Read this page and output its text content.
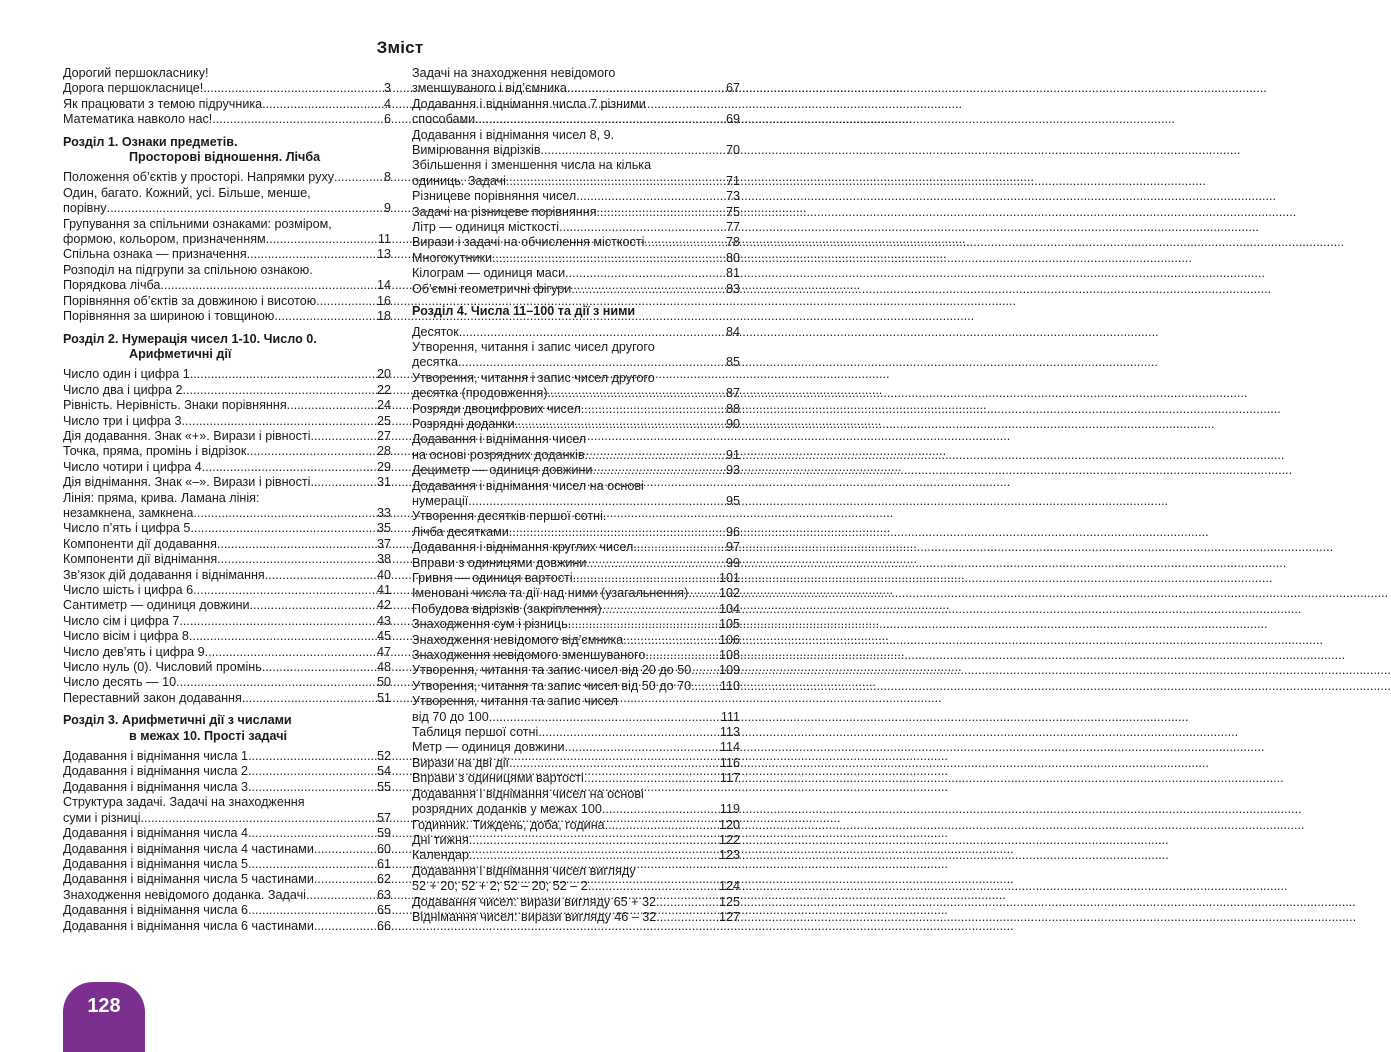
Зміст
Дорогий першокласнику!
Дорога першокласнице! .....	3
Як працювати з темою підручника .....	4
Математика навколо нас! .....	6
Розділ 1. Ознаки предметів.
Просторові відношення. Лічба
Положення об’єктів у просторі. Напрямки руху .....	8
Один, багато. Кожний, усі. Більше, менше,
порівну .....	9
Групування за спільними ознаками: розміром,
формою, кольором, призначенням .....	11
Спільна ознака — призначення .....	13
Розподіл на підгрупи за спільною ознакою.
Порядкова лічба .....	14
Порівняння об’єктів за довжиною і висотою .....	16
Порівняння за шириною і товщиною .....	18
Розділ 2. Нумерація чисел 1-10. Число 0.
Арифметичні дії
Число один і цифра 1 .....	20
Число два і цифра 2 .....	22
Рівність. Нерівність. Знаки порівняння .....	24
Число три і цифра 3 .....	25
Дія додавання. Знак «+». Вирази і рівності .....	27
Точка, пряма, промінь і відрізок .....	28
Число чотири і цифра 4 .....	29
Дія віднімання. Знак «–». Вирази і рівності .....	31
Лінія: пряма, крива. Ламана лінія:
незамкнена, замкнена .....	33
Число п’ять і цифра 5 .....	35
Компоненти дії додавання .....	37
Компоненти дії віднімання .....	38
Зв’язок дій додавання і віднімання .....	40
Число шість і цифра 6 .....	41
Сантиметр — одиниця довжини .....	42
Число сім і цифра 7 .....	43
Число вісім і цифра 8 .....	45
Число дев’ять і цифра 9 .....	47
Число нуль (0). Числовий промінь .....	48
Число десять — 10 .....	50
Переставний закон додавання .....	51
Розділ 3. Арифметичні дії з числами
в межах 10. Прості задачі
Додавання і віднімання числа 1 .....	52
Додавання і віднімання числа 2 .....	54
Додавання і віднімання числа 3 .....	55
Структура задачі. Задачі на знаходження
суми і різниці .....	57
Додавання і віднімання числа 4 .....	59
Додавання і віднімання числа 4 частинами .....	60
Додавання і віднімання числа 5 .....	61
Додавання і віднімання числа 5 частинами .....	62
Знаходження невідомого доданка. Задачі .....	63
Додавання і віднімання числа 6 .....	65
Додавання і віднімання числа 6 частинами .....	66
Задачі на знаходження невідомого
зменшуваного і від’ємника .....	67
Додавання і віднімання числа 7 різними
способами .....	69
Додавання і віднімання чисел 8, 9.
Вимірювання відрізків .....	70
Збільшення і зменшення числа на кілька
одиниць. Задачі .....	71
Різницеве порівняння чисел .....	73
Задачі на різницеве порівняння .....	75
Літр — одиниця місткості .....	77
Вирази і задачі на обчислення місткості .....	78
Многокутники .....	80
Кілограм — одиниця маси .....	81
Об’ємні геометричні фігури .....	83
Розділ 4. Числа 11–100 та дії з ними
Десяток .....	84
Утворення, читання і запис чисел другого
десятка .....	85
Утворення, читання і запис чисел другого
десятка (продовження) .....	87
Розряди двоцифрових чисел .....	88
Розрядні доданки .....	90
Додавання і віднімання чисел
на основі розрядних доданків .....	91
Дециметр — одиниця довжини .....	93
Додавання і віднімання чисел на основі
нумерації .....	95
Утворення десятків першої сотні.
Лічба десятками .....	96
Додавання і віднімання круглих чисел .....	97
Вправи з одиницями довжини .....	99
Гривня — одиниця вартості .....	101
Іменовані числа та дії над ними (узагальнення) ..... 102
Побудова відрізків (закріплення) .....	104
Знаходження сум і різниць .....	105
Знаходження невідомого від’ємника .....	106
Знаходження невідомого зменшуваного .....	108
Утворення, читання та запис чисел від 20 до 50 ..... 109
Утворення, читання та запис чисел від 50 до 70 ..... 110
Утворення, читання та запис чисел
від 70 до 100 .....	111
Таблиця першої сотні .....	113
Метр — одиниця довжини .....	114
Вирази на дві дії .....	116
Вправи з одиницями вартості .....	117
Додавання і віднімання чисел на основі
розрядних доданків у межах 100 .....	119
Годинник. Тиждень, доба, година .....	120
Дні тижня .....	122
Календар .....	123
Додавання і віднімання чисел вигляду
52 + 20; 52 + 2; 52 – 20; 52 – 2 .....	124
Додавання чисел: вирази вигляду 65 + 32 .....	125
Віднімання чисел: вирази вигляду 46 – 32 .....	127
128
